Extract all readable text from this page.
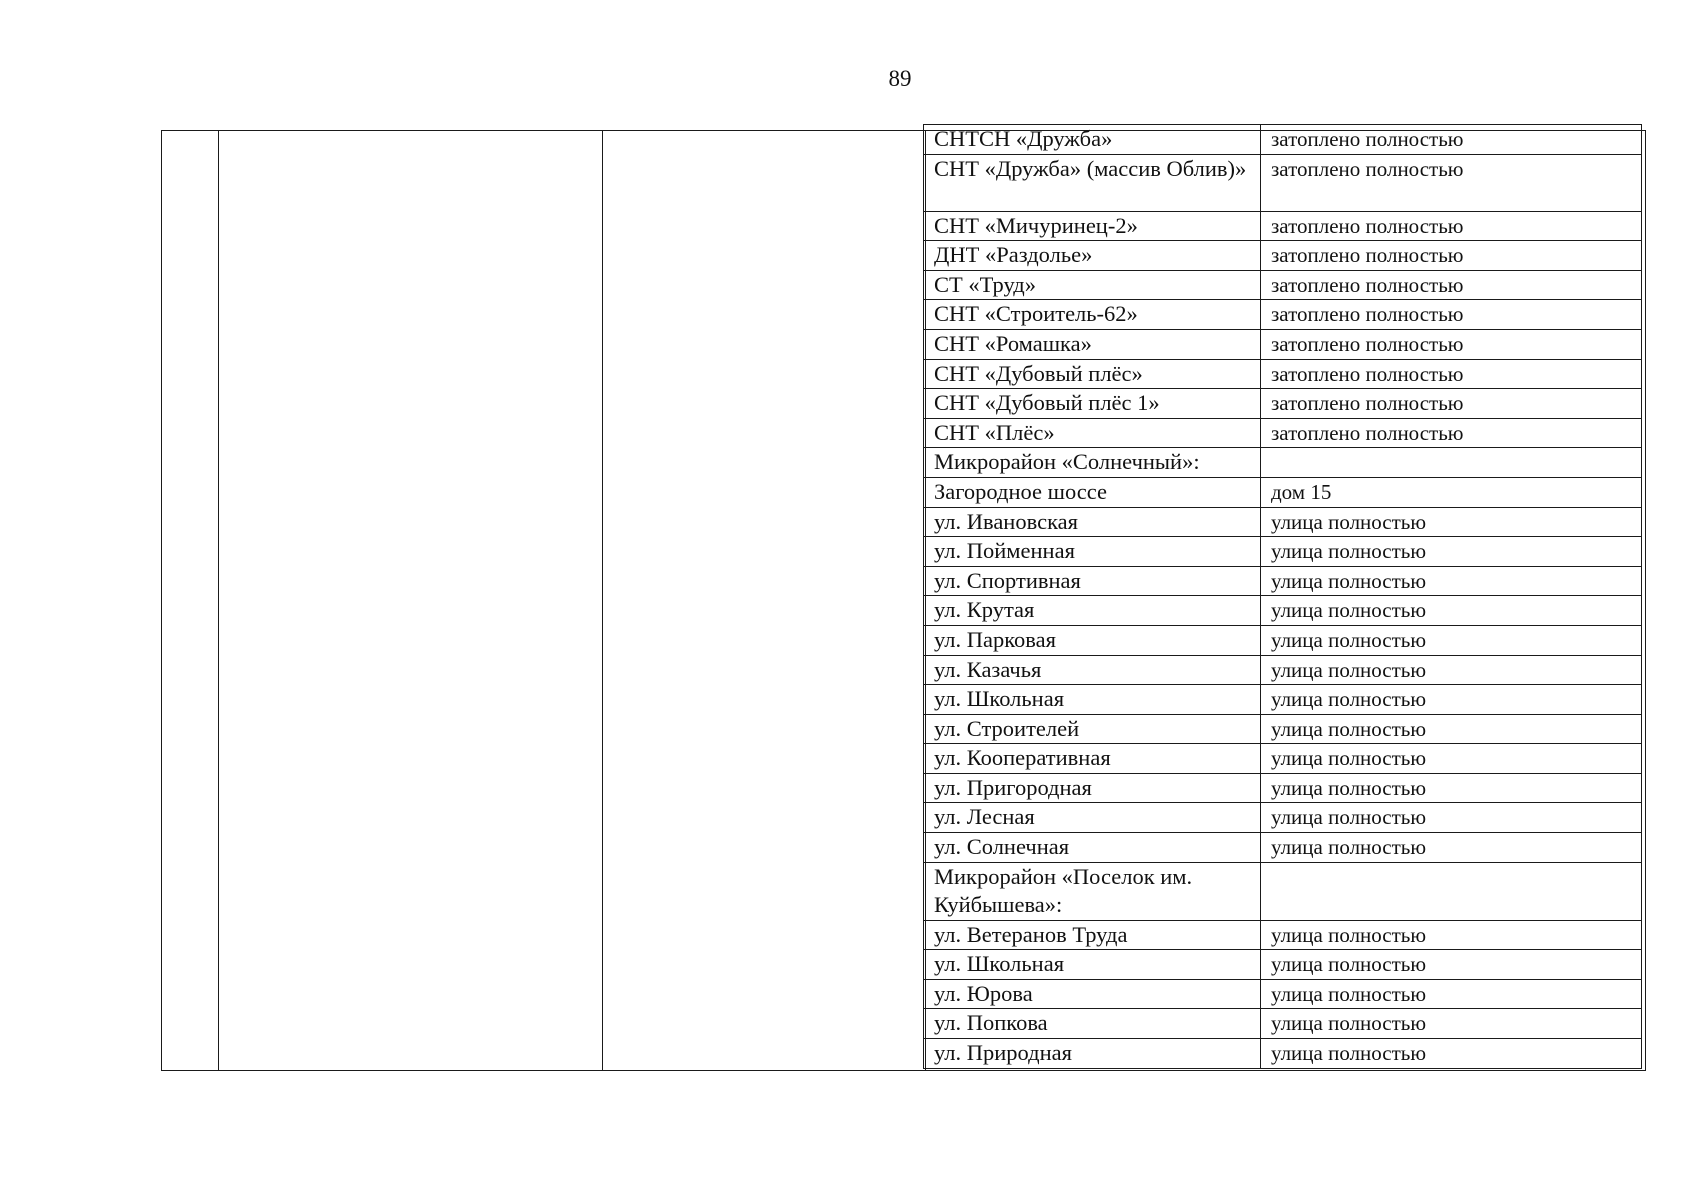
89
СНТСН «Дружба»	затоплено полностью
СНТ «Дружба» (массив Облив)»	затоплено полностью
СНТ «Мичуринец-2»	затоплено полностью
ДНТ «Раздолье»	затоплено полностью
СТ «Труд»	затоплено полностью
СНТ «Строитель-62»	затоплено полностью
СНТ «Ромашка»	затоплено полностью
СНТ «Дубовый плёс»	затоплено полностью
СНТ «Дубовый плёс 1»	затоплено полностью
СНТ «Плёс»	затоплено полностью
Микрорайон «Солнечный»:	
Загородное шоссе	дом 15
ул. Ивановская	улица полностью
ул. Пойменная	улица полностью
ул. Спортивная	улица полностью
ул. Крутая	улица полностью
ул. Парковая	улица полностью
ул. Казачья	улица полностью
ул. Школьная	улица полностью
ул. Строителей	улица полностью
ул. Кооперативная	улица полностью
ул. Пригородная	улица полностью
ул. Лесная	улица полностью
ул. Солнечная	улица полностью
Микрорайон «Поселок им. Куйбышева»:	
ул. Ветеранов Труда	улица полностью
ул. Школьная	улица полностью
ул. Юрова	улица полностью
ул. Попкова	улица полностью
ул. Природная	улица полностью
